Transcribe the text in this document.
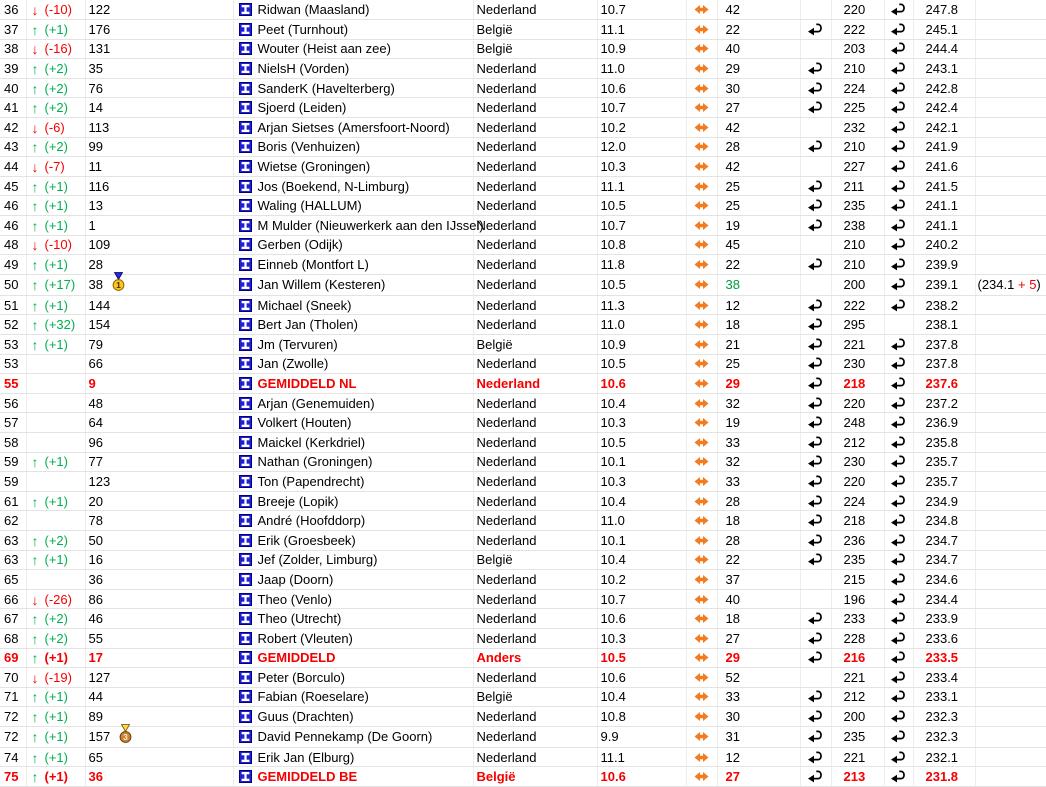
36	↓ (-10)	122	Ridwan (Maasland)	Nederland	10.7		42		220		247.8	
37	↑ (+1)	176	Peet (Turnhout)	België	11.1		22		222		245.1	
38	↓ (-16)	131	Wouter (Heist aan zee)	België	10.9		40		203		244.4	
39	↑ (+2)	35	NielsH (Vorden)	Nederland	11.0		29		210		243.1	
40	↑ (+2)	76	SanderK (Havelterberg)	Nederland	10.6		30		224		242.8	
41	↑ (+2)	14	Sjoerd (Leiden)	Nederland	10.7		27		225		242.4	
42	↓ (-6)	113	Arjan Sietses (Amersfoort-Noord)	Nederland	10.2		42		232		242.1	
43	↑ (+2)	99	Boris (Venhuizen)	Nederland	12.0		28		210		241.9	
44	↓ (-7)	11	Wietse (Groningen)	Nederland	10.3		42		227		241.6	
45	↑ (+1)	116	Jos (Boekend, N-Limburg)	Nederland	11.1		25		211		241.5	
46	↑ (+1)	13	Waling (HALLUM)	Nederland	10.5		25		235		241.1	
46	↑ (+1)	1	M Mulder (Nieuwerkerk aan den IJssel)	Nederland	10.7		19		238		241.1	
48	↓ (-10)	109	Gerben (Odijk)	Nederland	10.8		45		210		240.2	
49	↑ (+1)	28	Einneb (Montfort L)	Nederland	11.8		22		210		239.9	
50	↑ (+17)	38 1	Jan Willem (Kesteren)	Nederland	10.5		38		200		239.1	(234.1 + 5)
51	↑ (+1)	144	Michael (Sneek)	Nederland	11.3		12		222		238.2	
52	↑ (+32)	154	Bert Jan (Tholen)	Nederland	11.0		18		295		238.1	
53	↑ (+1)	79	Jm (Tervuren)	België	10.9		21		221		237.8	
53		66	Jan (Zwolle)	Nederland	10.5		25		230		237.8	
55		9	GEMIDDELD NL	Nederland	10.6		29		218		237.6	
56		48	Arjan (Genemuiden)	Nederland	10.4		32		220		237.2	
57		64	Volkert (Houten)	Nederland	10.3		19		248		236.9	
58		96	Maickel (Kerkdriel)	Nederland	10.5		33		212		235.8	
59	↑ (+1)	77	Nathan (Groningen)	Nederland	10.1		32		230		235.7	
59		123	Ton (Papendrecht)	Nederland	10.3		33		220		235.7	
61	↑ (+1)	20	Breeje (Lopik)	Nederland	10.4		28		224		234.9	
62		78	André (Hoofddorp)	Nederland	11.0		18		218		234.8	
63	↑ (+2)	50	Erik (Groesbeek)	Nederland	10.1		28		236		234.7	
63	↑ (+1)	16	Jef (Zolder, Limburg)	België	10.4		22		235		234.7	
65		36	Jaap (Doorn)	Nederland	10.2		37		215		234.6	
66	↓ (-26)	86	Theo (Venlo)	Nederland	10.7		40		196		234.4	
67	↑ (+2)	46	Theo (Utrecht)	Nederland	10.6		18		233		233.9	
68	↑ (+2)	55	Robert (Vleuten)	Nederland	10.3		27		228		233.6	
69	↑ (+1)	17	GEMIDDELD	Anders	10.5		29		216		233.5	
70	↓ (-19)	127	Peter (Borculo)	Nederland	10.6		52		221		233.4	
71	↑ (+1)	44	Fabian (Roeselare)	België	10.4		33		212		233.1	
72	↑ (+1)	89	Guus (Drachten)	Nederland	10.8		30		200		232.3	
72	↑ (+1)	157 3	David Pennekamp (De Goorn)	Nederland	9.9		31		235		232.3	
74	↑ (+1)	65	Erik Jan (Elburg)	Nederland	11.1		12		221		232.1	
75	↑ (+1)	36	GEMIDDELD BE	België	10.6		27		213		231.8	
